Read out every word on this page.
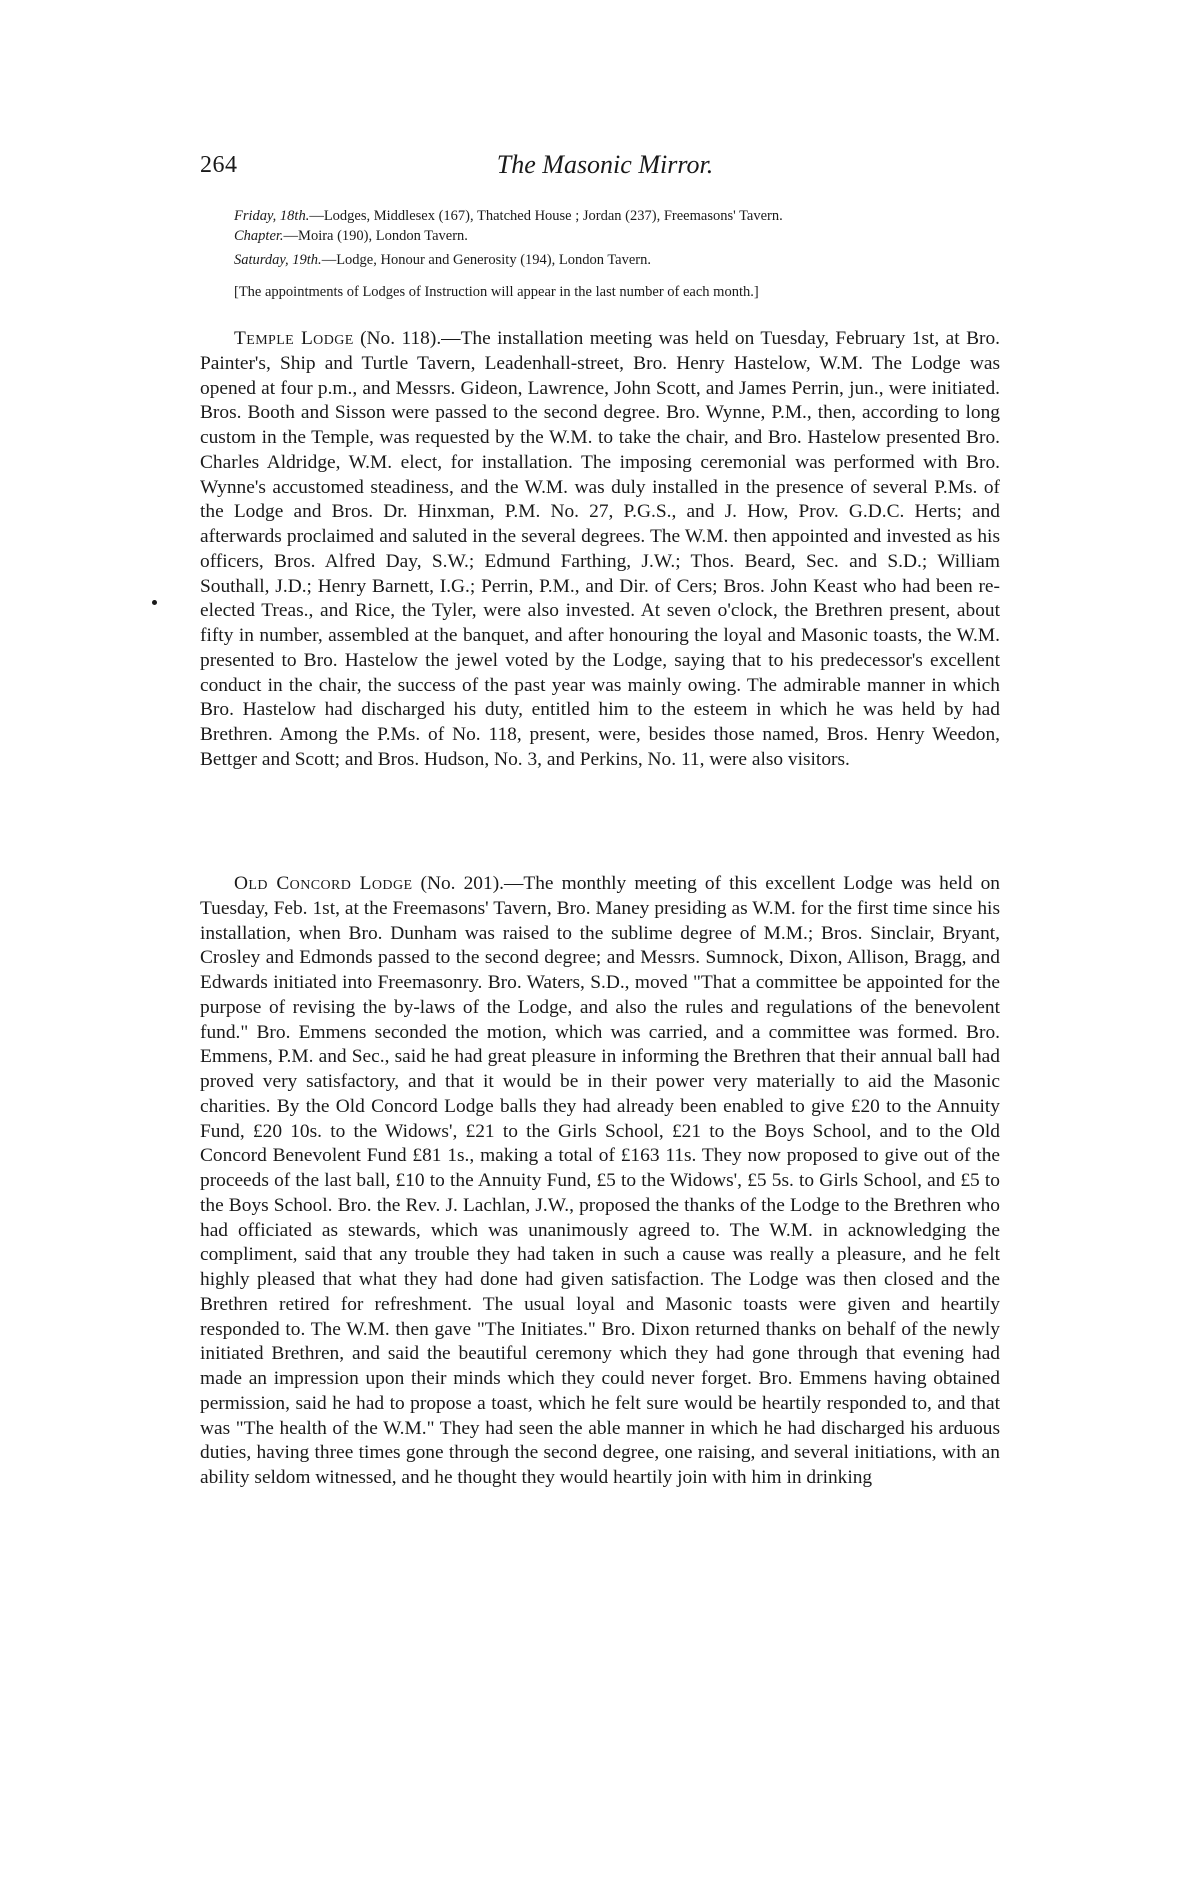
264	The Masonic Mirror.

Friday, 18th.—Lodges, Middlesex (167), Thatched House ; Jordan (237), Freemasons' Tavern.

Chapter.—Moira (190), London Tavern.

Saturday, 19th.—Lodge, Honour and Generosity (194), London Tavern.

[The appointments of Lodges of Instruction will appear in the last number of each month.]

Temple Lodge (No. 118).—The installation meeting was held on Tuesday, February 1st, at Bro. Painter's, Ship and Turtle Tavern, Leadenhall-street, Bro. Henry Hastelow, W.M. The Lodge was opened at four p.m., and Messrs. Gideon, Lawrence, John Scott, and James Perrin, jun., were initiated. Bros. Booth and Sisson were passed to the second degree. Bro. Wynne, P.M., then, according to long custom in the Temple, was requested by the W.M. to take the chair, and Bro. Hastelow presented Bro. Charles Aldridge, W.M. elect, for installation. The imposing ceremonial was performed with Bro. Wynne's accustomed steadiness, and the W.M. was duly installed in the presence of several P.Ms. of the Lodge and Bros. Dr. Hinxman, P.M. No. 27, P.G.S., and J. How, Prov. G.D.C. Herts; and afterwards proclaimed and saluted in the several degrees. The W.M. then appointed and invested as his officers, Bros. Alfred Day, S.W.; Edmund Farthing, J.W.; Thos. Beard, Sec. and S.D.; William Southall, J.D.; Henry Barnett, I.G.; Perrin, P.M., and Dir. of Cers; Bros. John Keast who had been re-elected Treas., and Rice, the Tyler, were also invested. At seven o'clock, the Brethren present, about fifty in number, assembled at the banquet, and after honouring the loyal and Masonic toasts, the W.M. presented to Bro. Hastelow the jewel voted by the Lodge, saying that to his predecessor's excellent conduct in the chair, the success of the past year was mainly owing. The admirable manner in which Bro. Hastelow had discharged his duty, entitled him to the esteem in which he was held by had Brethren. Among the P.Ms. of No. 118, present, were, besides those named, Bros. Henry Weedon, Bettger and Scott; and Bros. Hudson, No. 3, and Perkins, No. 11, were also visitors.

Old Concord Lodge (No. 201).—The monthly meeting of this excellent Lodge was held on Tuesday, Feb. 1st, at the Freemasons' Tavern, Bro. Maney presiding as W.M. for the first time since his installation, when Bro. Dunham was raised to the sublime degree of M.M.; Bros. Sinclair, Bryant, Crosley and Edmonds passed to the second degree; and Messrs. Sumnock, Dixon, Allison, Bragg, and Edwards initiated into Freemasonry. Bro. Waters, S.D., moved "That a committee be appointed for the purpose of revising the by-laws of the Lodge, and also the rules and regulations of the benevolent fund." Bro. Emmens seconded the motion, which was carried, and a committee was formed. Bro. Emmens, P.M. and Sec., said he had great pleasure in informing the Brethren that their annual ball had proved very satisfactory, and that it would be in their power very materially to aid the Masonic charities. By the Old Concord Lodge balls they had already been enabled to give £20 to the Annuity Fund, £20 10s. to the Widows', £21 to the Girls School, £21 to the Boys School, and to the Old Concord Benevolent Fund £81 1s., making a total of £163 11s. They now proposed to give out of the proceeds of the last ball, £10 to the Annuity Fund, £5 to the Widows', £5 5s. to Girls School, and £5 to the Boys School. Bro. the Rev. J. Lachlan, J.W., proposed the thanks of the Lodge to the Brethren who had officiated as stewards, which was unanimously agreed to. The W.M. in acknowledging the compliment, said that any trouble they had taken in such a cause was really a pleasure, and he felt highly pleased that what they had done had given satisfaction. The Lodge was then closed and the Brethren retired for refreshment. The usual loyal and Masonic toasts were given and heartily responded to. The W.M. then gave "The Initiates." Bro. Dixon returned thanks on behalf of the newly initiated Brethren, and said the beautiful ceremony which they had gone through that evening had made an impression upon their minds which they could never forget. Bro. Emmens having obtained permission, said he had to propose a toast, which he felt sure would be heartily responded to, and that was "The health of the W.M." They had seen the able manner in which he had discharged his arduous duties, having three times gone through the second degree, one raising, and several initiations, with an ability seldom witnessed, and he thought they would heartily join with him in drinking
